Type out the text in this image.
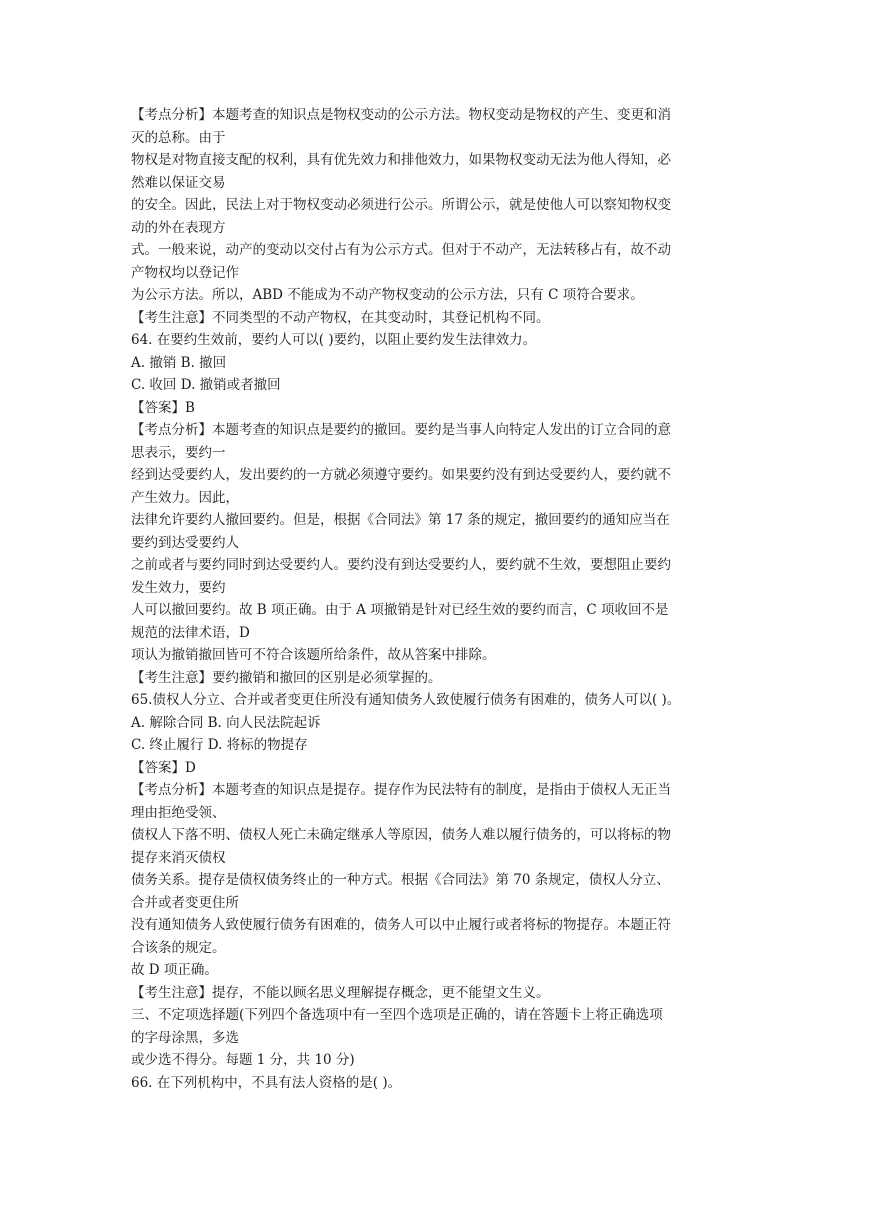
【考点分析】本题考查的知识点是物权变动的公示方法。物权变动是物权的产生、变更和消
灭的总称。由于
物权是对物直接支配的权利，具有优先效力和排他效力，如果物权变动无法为他人得知，必
然难以保证交易
的安全。因此，民法上对于物权变动必须进行公示。所谓公示，就是使他人可以察知物权变
动的外在表现方
式。一般来说，动产的变动以交付占有为公示方式。但对于不动产，无法转移占有，故不动
产物权均以登记作
为公示方法。所以，ABD 不能成为不动产物权变动的公示方法，只有 C 项符合要求。
【考生注意】不同类型的不动产物权，在其变动时，其登记机构不同。
64. 在要约生效前，要约人可以( )要约，以阻止要约发生法律效力。
A. 撤销 B. 撤回
C. 收回 D. 撤销或者撤回
【答案】B
【考点分析】本题考查的知识点是要约的撤回。要约是当事人向特定人发出的订立合同的意
思表示，要约一
经到达受要约人，发出要约的一方就必须遵守要约。如果要约没有到达受要约人，要约就不
产生效力。因此，
法律允许要约人撤回要约。但是，根据《合同法》第 17 条的规定，撤回要约的通知应当在
要约到达受要约人
之前或者与要约同时到达受要约人。要约没有到达受要约人，要约就不生效，要想阻止要约
发生效力，要约
人可以撤回要约。故 B 项正确。由于 A 项撤销是针对已经生效的要约而言，C 项收回不是
规范的法律术语，D
项认为撤销撤回皆可不符合该题所给条件，故从答案中排除。
【考生注意】要约撤销和撤回的区别是必须掌握的。
65.债权人分立、合并或者变更住所没有通知债务人致使履行债务有困难的，债务人可以( )。
A. 解除合同 B. 向人民法院起诉
C. 终止履行 D. 将标的物提存
【答案】D
【考点分析】本题考查的知识点是提存。提存作为民法特有的制度，是指由于债权人无正当
理由拒绝受领、
债权人下落不明、债权人死亡未确定继承人等原因，债务人难以履行债务的，可以将标的物
提存来消灭债权
债务关系。提存是债权债务终止的一种方式。根据《合同法》第 70 条规定，债权人分立、
合并或者变更住所
没有通知债务人致使履行债务有困难的，债务人可以中止履行或者将标的物提存。本题正符
合该条的规定。
故 D 项正确。
【考生注意】提存，不能以顾名思义理解提存概念，更不能望文生义。
三、不定项选择题(下列四个备选项中有一至四个选项是正确的，请在答题卡上将正确选项
的字母涂黑，多选
或少选不得分。每题 1 分，共 10 分)
66. 在下列机构中，不具有法人资格的是( )。
